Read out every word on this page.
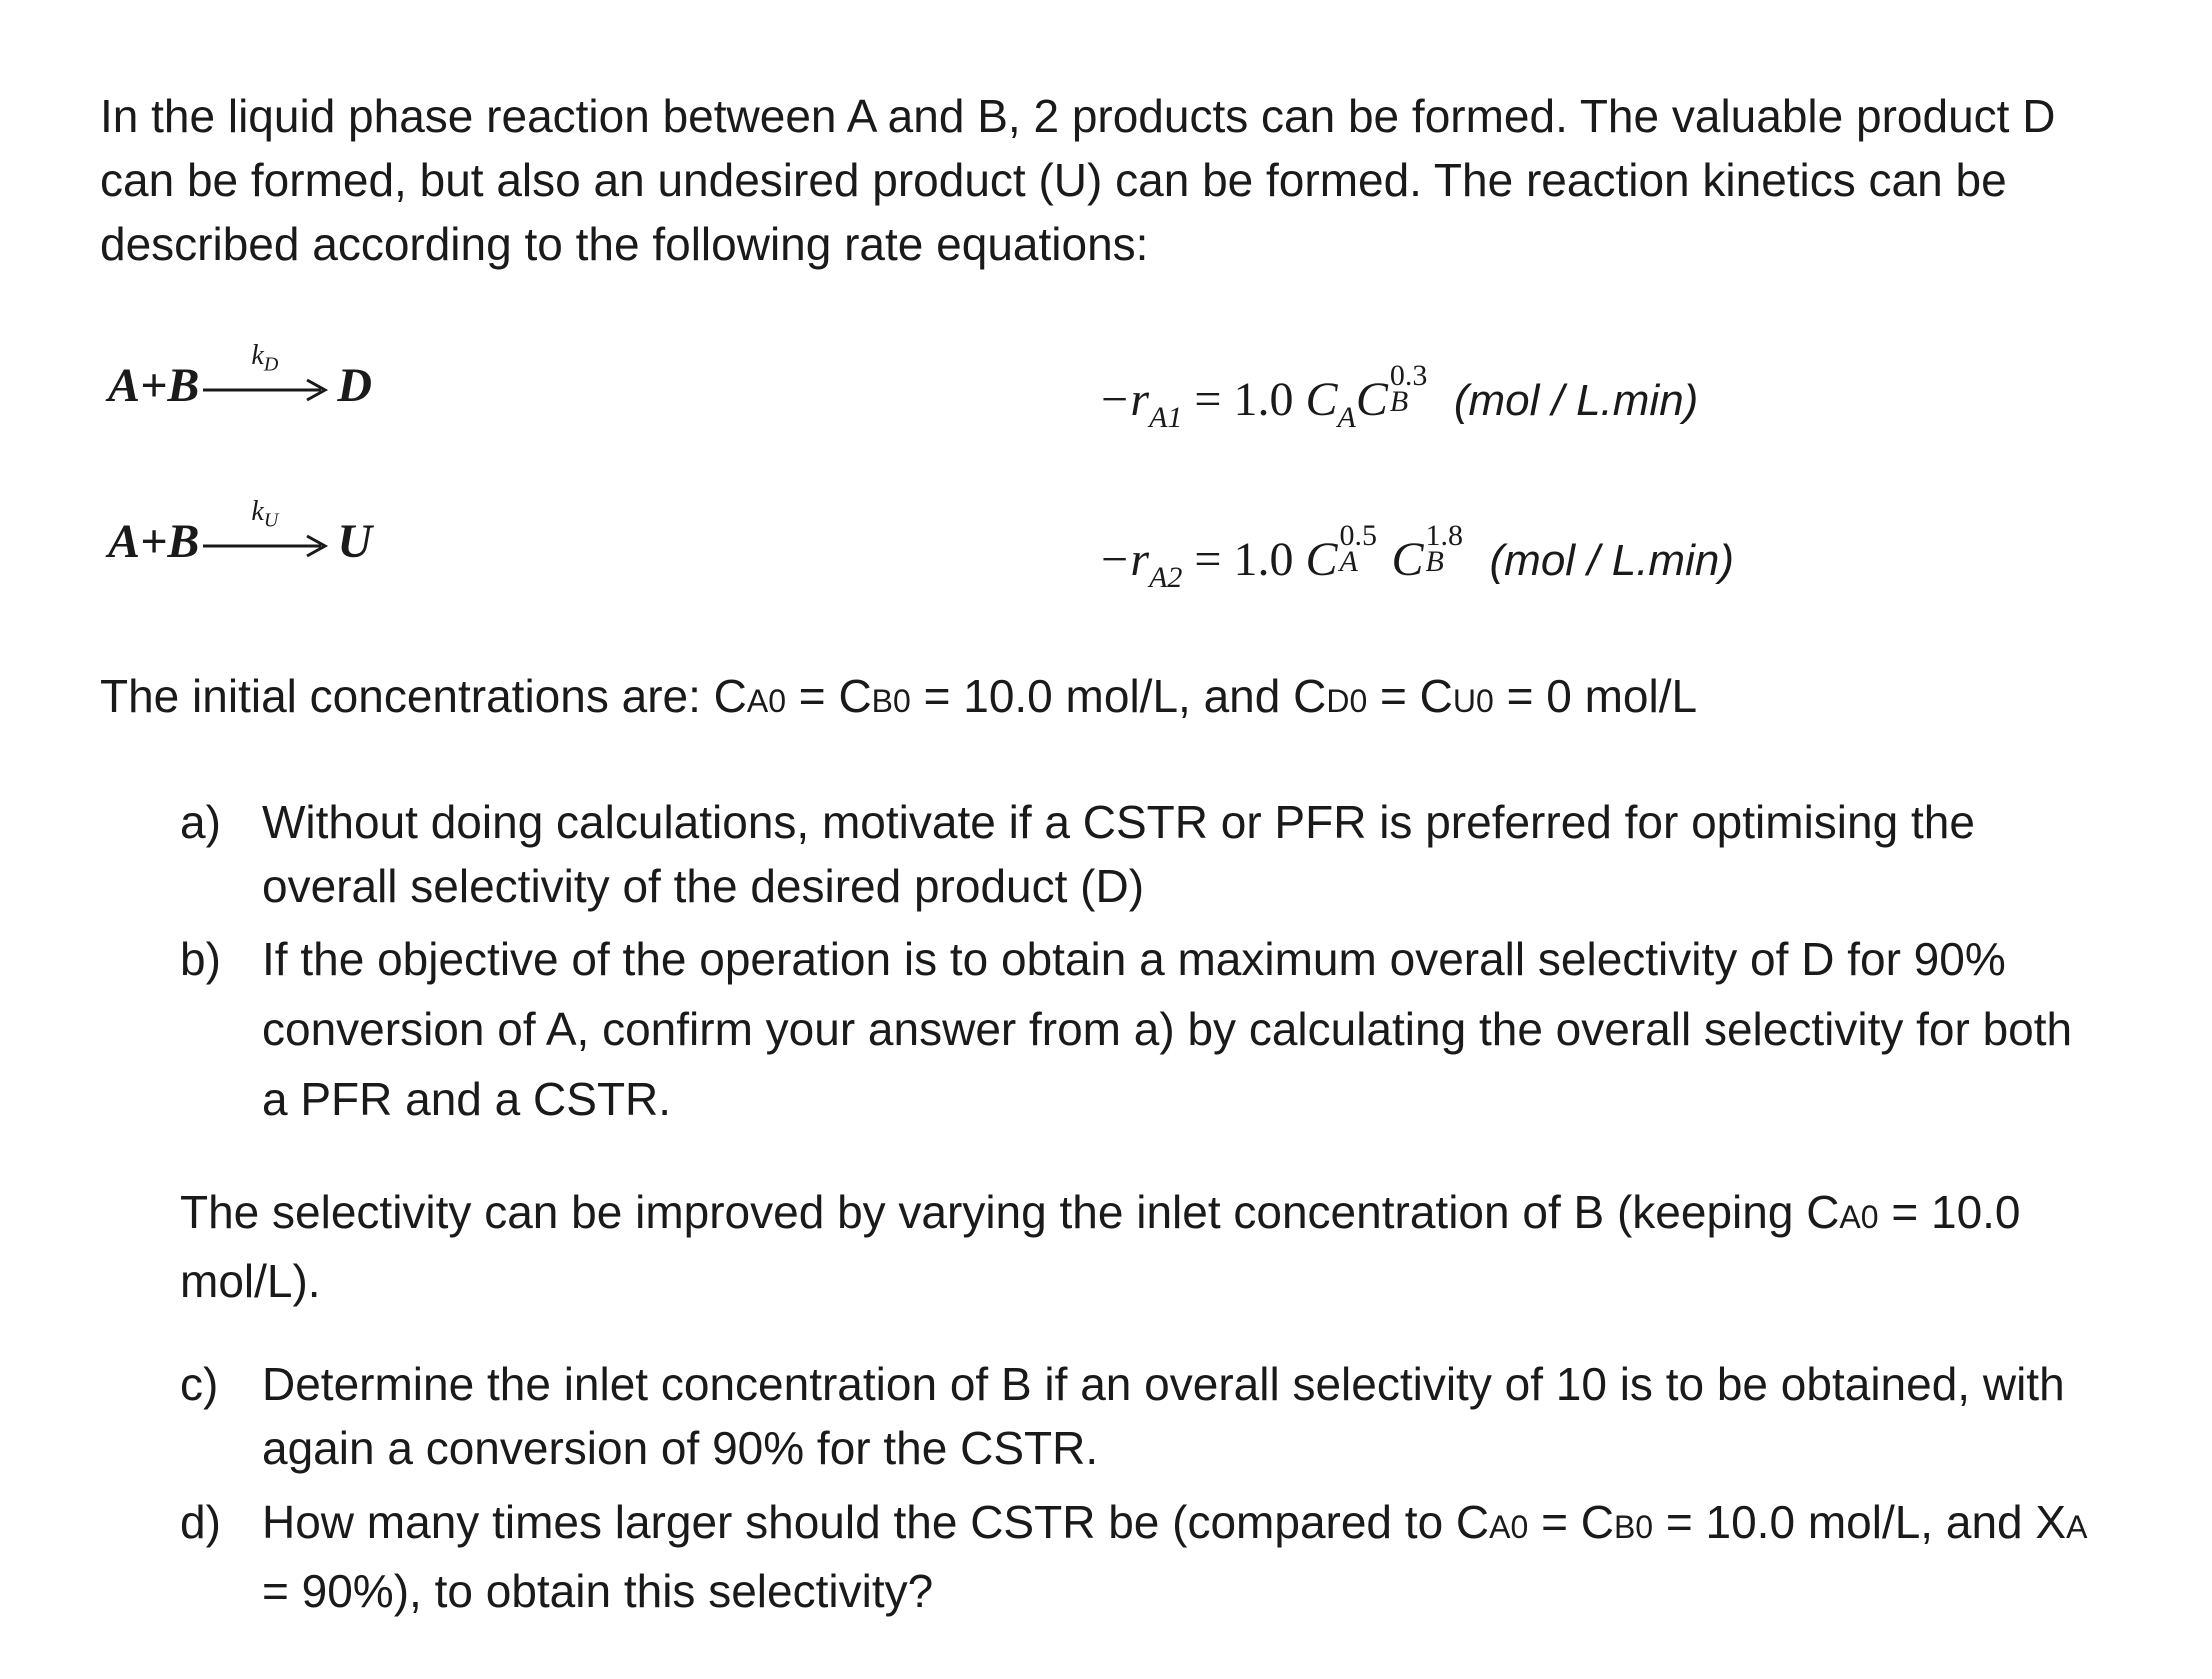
In the liquid phase reaction between A and B, 2 products can be formed. The valuable product D can be formed, but also an undesired product (U) can be formed. The reaction kinetics can be described according to the following rate equations:

A+B
$k_D$ D	$-r_{A1} = 1.0$ $C_AC$ 0.3
B (mol / L.min)
A+B
$k_U$ U	$-r_{A2} = 1.0$ C 0.5
A C 1.8
B (mol / L.min)

The initial concentrations are: CA0 = CB0 = 10.0 mol/L, and CD0 = CU0 = 0 mol/L

a) Without doing calculations, motivate if a CSTR or PFR is preferred for optimising the overall selectivity of the desired product (D)
b) If the objective of the operation is to obtain a maximum overall selectivity of D for 90% conversion of A, confirm your answer from a) by calculating the overall selectivity for both a PFR and a CSTR.

The selectivity can be improved by varying the inlet concentration of B (keeping CA0 = 10.0 mol/L).

c) Determine the inlet concentration of B if an overall selectivity of 10 is to be obtained, with again a conversion of 90% for the CSTR.
d) How many times larger should the CSTR be (compared to CA0 = CB0 = 10.0 mol/L, and XA = 90%), to obtain this selectivity?
